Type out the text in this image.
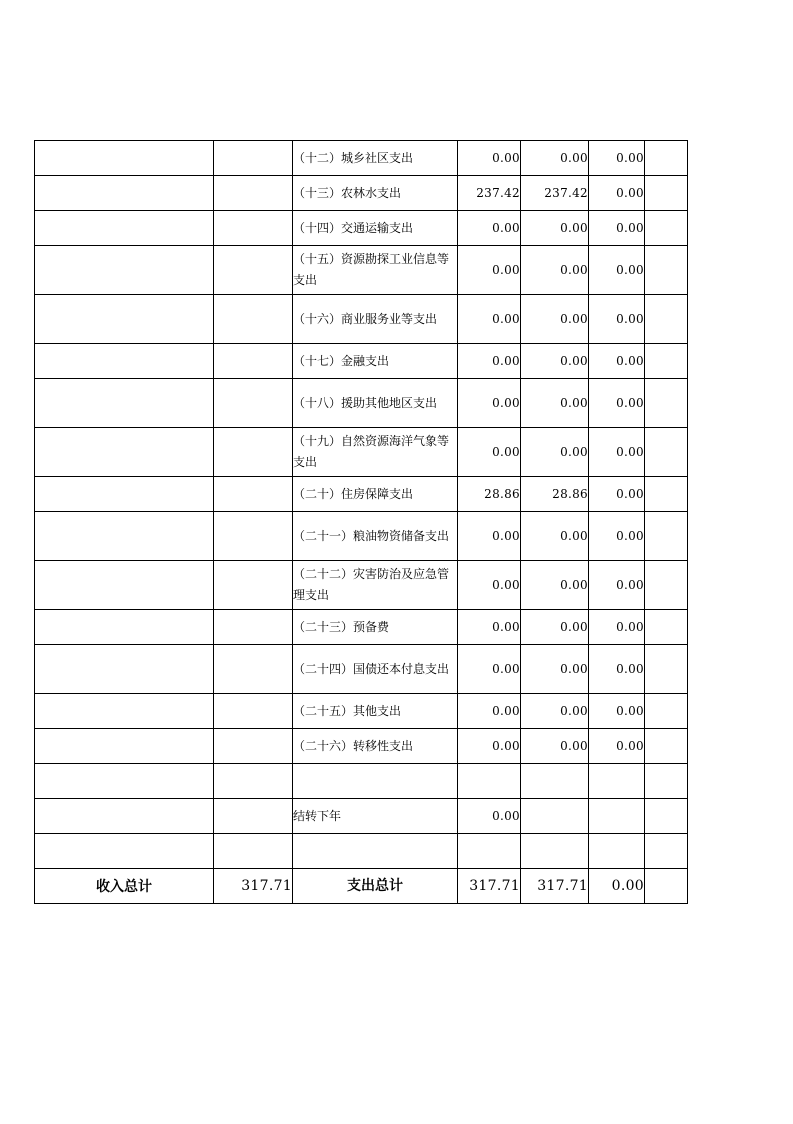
		（十二）城乡社区支出	0.00	0.00	0.00	
		（十三）农林水支出	237.42	237.42	0.00	
		（十四）交通运输支出	0.00	0.00	0.00	
		（十五）资源勘探工业信息等支出	0.00	0.00	0.00	
		（十六）商业服务业等支出	0.00	0.00	0.00	
		（十七）金融支出	0.00	0.00	0.00	
		（十八）援助其他地区支出	0.00	0.00	0.00	
		（十九）自然资源海洋气象等支出	0.00	0.00	0.00	
		（二十）住房保障支出	28.86	28.86	0.00	
		（二十一）粮油物资储备支出	0.00	0.00	0.00	
		（二十二）灾害防治及应急管理支出	0.00	0.00	0.00	
		（二十三）预备费	0.00	0.00	0.00	
		（二十四）国债还本付息支出	0.00	0.00	0.00	
		（二十五）其他支出	0.00	0.00	0.00	
		（二十六）转移性支出	0.00	0.00	0.00	

		结转下年	0.00			

收入总计	317.71	支出总计	317.71	317.71	0.00	
